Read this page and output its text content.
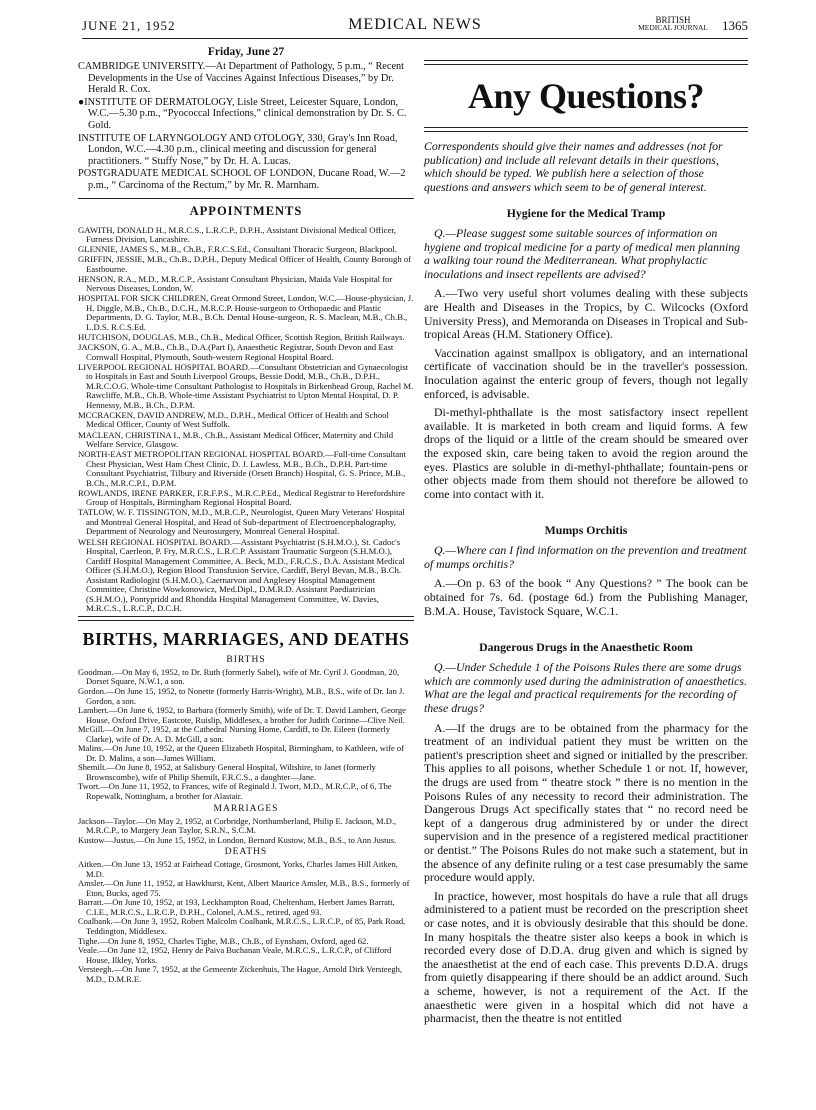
JUNE 21, 1952	MEDICAL NEWS	BRITISH
MEDICAL JOURNAL 1365
Friday, June 27

CAMBRIDGE UNIVERSITY.—At Department of Pathology, 5 p.m., “ Recent Developments in the Use of Vaccines Against Infectious Diseases,” by Dr. Herald R. Cox.

●INSTITUTE OF DERMATOLOGY, Lisle Street, Leicester Square, London, W.C.—5.30 p.m., “Pyococcal Infections,” clinical demonstration by Dr. S. C. Gold.

INSTITUTE OF LARYNGOLOGY AND OTOLOGY, 330, Gray's Inn Road, London, W.C.—4.30 p.m., clinical meeting and discussion for general practitioners. “ Stuffy Nose,” by Dr. H. A. Lucas.

POSTGRADUATE MEDICAL SCHOOL OF LONDON, Ducane Road, W.—2 p.m., “ Carcinoma of the Rectum,” by Mr. R. Marnham.

APPOINTMENTS

GAWITH, DONALD H., M.R.C.S., L.R.C.P., D.P.H., Assistant Divisional Medical Officer, Furness Division, Lancashire.

GLENNIE, JAMES S., M.B., Ch.B., F.R.C.S.Ed., Consultant Thoracic Surgeon, Blackpool.

GRIFFIN, JESSIE, M.B., Ch.B., D.P.H., Deputy Medical Officer of Health, County Borough of Eastbourne.

HENSON, R.A., M.D., M.R.C.P., Assistant Consultant Physician, Maida Vale Hospital for Nervous Diseases, London, W.

HOSPITAL FOR SICK CHILDREN, Great Ormond Street, London, W.C.—House-physician, J. H. Diggle, M.B., Ch.B., D.C.H., M.R.C.P. House-surgeon to Orthopaedic and Plastic Departments, D. G. Taylor, M.B., B.Ch. Dental House-surgeon, R. S. Maclean, M.B., Ch.B., L.D.S. R.C.S.Ed.

HUTCHISON, DOUGLAS, M.B., Ch.B., Medical Officer, Scottish Region, British Railways.

JACKSON, G. A., M.B., Ch.B., D.A.(Part I), Anaesthetic Registrar, South Devon and East Cornwall Hospital, Plymouth, South-western Regional Hospital Board.

LIVERPOOL REGIONAL HOSPITAL BOARD.—Consultant Obstetrician and Gynaecologist to Hospitals in East and South Liverpool Groups, Bessie Dodd, M.B., Ch.B., D.P.H., M.R.C.O.G. Whole-time Consultant Pathologist to Hospitals in Birkenhead Group, Rachel M. Rawcliffe, M.B., Ch.B. Whole-time Assistant Psychiatrist to Upton Mental Hospital, D. P. Hennessy, M.B., B.Ch., D.P.M.

MCCRACKEN, DAVID ANDREW, M.D., D.P.H., Medical Officer of Health and School Medical Officer, County of West Suffolk.

MACLEAN, CHRISTINA I., M.B., Ch.B., Assistant Medical Officer, Maternity and Child Welfare Service, Glasgow.

NORTH-EAST METROPOLITAN REGIONAL HOSPITAL BOARD.—Full-time Consultant Chest Physician, West Ham Chest Clinic, D. J. Lawless, M.B., B.Ch., D.P.H. Part-time Consultant Psychiatrist, Tilbury and Riverside (Orsett Branch) Hospital, G. S. Prince, M.B., B.Ch., M.R.C.P.I., D.P.M.

ROWLANDS, IRENE PARKER, F.R.F.P.S., M.R.C.P.Ed., Medical Registrar to Herefordshire Group of Hospitals, Birmingham Regional Hospital Board.

TATLOW, W. F. TISSINGTON, M.D., M.R.C.P., Neurologist, Queen Mary Veterans' Hospital and Montreal General Hospital, and Head of Sub-department of Electroencephalography, Department of Neurology and Neurosurgery, Montreal General Hospital.

WELSH REGIONAL HOSPITAL BOARD.—Assistant Psychiatrist (S.H.M.O.), St. Cadoc's Hospital, Caerleon, P. Fry, M.R.C.S., L.R.C.P. Assistant Traumatic Surgeon (S.H.M.O.), Cardiff Hospital Management Committee, A. Beck, M.D., F.R.C.S., D.A. Assistant Medical Officer (S.H.M.O.), Region Blood Transfusion Service, Cardiff, Beryl Bevan, M.B., B.Ch. Assistant Radiologist (S.H.M.O.), Caernarvon and Anglesey Hospital Management Committee, Christine Wowkonowicz, Med.Dipl., D.M.R.D. Assistant Paediatrician (S.H.M.O.), Pontypridd and Rhondda Hospital Management Committee, W. Davies, M.R.C.S., L.R.C.P., D.C.H.

BIRTHS, MARRIAGES, AND DEATHS
BIRTHS

Goodman.—On May 6, 1952, to Dr. Ruth (formerly Sabel), wife of Mr. Cyril J. Goodman, 20, Dorset Square, N.W.1, a son.

Gordon.—On June 15, 1952, to Nonette (formerly Harris-Wright), M.B., B.S., wife of Dr. Ian J. Gordon, a son.

Lambert.—On June 6, 1952, to Barbara (formerly Smith), wife of Dr. T. David Lambert, George House, Oxford Drive, Eastcote, Ruislip, Middlesex, a brother for Judith Corinne—Clive Neil.

McGill.—On June 7, 1952, at the Cathedral Nursing Home, Cardiff, to Dr. Eileen (formerly Clarke), wife of Dr. A. D. McGill, a son.

Malins.—On June 10, 1952, at the Queen Elizabeth Hospital, Birmingham, to Kathleen, wife of Dr. D. Malins, a son—James William.

Shemilt.—On June 8, 1952, at Salisbury General Hospital, Wiltshire, to Janet (formerly Brownscombe), wife of Philip Shemilt, F.R.C.S., a daughter—Jane.

Twort.—On June 11, 1952, to Frances, wife of Reginald J. Twort, M.D., M.R.C.P., of 6, The Ropewalk, Nottingham, a brother for Alastair.

MARRIAGES

Jackson—Taylor.—On May 2, 1952, at Corbridge, Northumberland, Philip E. Jackson, M.D., M.R.C.P., to Margery Jean Taylor, S.R.N., S.C.M.

Kustow—Justus.—On June 15, 1952, in London, Bernard Kustow, M.B., B.S., to Ann Justus.

DEATHS

Aitken.—On June 13, 1952 at Fairhead Cottage, Grosmont, Yorks, Charles James Hill Aitken, M.D.

Amsler.—On June 11, 1952, at Hawkhurst, Kent, Albert Maurice Amsler, M.B., B.S., formerly of Eton, Bucks, aged 75.

Barratt.—On June 10, 1952, at 193, Leckhampton Road, Cheltenham, Herbert James Barratt, C.I.E., M.R.C.S., L.R.C.P., D.P.H., Colonel, A.M.S., retired, aged 93.

Coalbank.—On June 3, 1952, Robert Malcolm Coalbank, M.R.C.S., L.R.C.P., of 85, Park Road, Teddington, Middlesex.

Tighe.—On June 8, 1952, Charles Tighe, M.B., Ch.B., of Eynsham, Oxford, aged 62.

Veale.—On June 12, 1952, Henry de Paiva Buchanan Veale, M.R.C.S., L.R.C.P., of Clifford House, Ilkley, Yorks.

Versteegh.—On June 7, 1952, at the Gemeente Zickenhuis, The Hague, Arnold Dirk Versteegh, M.D., D.M.R.E.

Any Questions?

Correspondents should give their names and addresses (not for publication) and include all relevant details in their questions, which should be typed. We publish here a selection of those questions and answers which seem to be of general interest.

Hygiene for the Medical Tramp

Q.—Please suggest some suitable sources of information on hygiene and tropical medicine for a party of medical men planning a walking tour round the Mediterranean. What prophylactic inoculations and insect repellents are advised?

A.—Two very useful short volumes dealing with these subjects are Health and Diseases in the Tropics, by C. Wilcocks (Oxford University Press), and Memoranda on Diseases in Tropical and Sub-tropical Areas (H.M. Stationery Office).

Vaccination against smallpox is obligatory, and an international certificate of vaccination should be in the traveller's possession. Inoculation against the enteric group of fevers, though not legally enforced, is advisable.

Di-methyl-phthallate is the most satisfactory insect repellent available. It is marketed in both cream and liquid forms. A few drops of the liquid or a little of the cream should be smeared over the exposed skin, care being taken to avoid the region around the eyes. Plastics are soluble in di-methyl-phthallate; fountain-pens or other objects made from them should not therefore be allowed to come into contact with it.

Mumps Orchitis

Q.—Where can I find information on the prevention and treatment of mumps orchitis?

A.—On p. 63 of the book “ Any Questions? ” The book can be obtained for 7s. 6d. (postage 6d.) from the Publishing Manager, B.M.A. House, Tavistock Square, W.C.1.

Dangerous Drugs in the Anaesthetic Room

Q.—Under Schedule 1 of the Poisons Rules there are some drugs which are commonly used during the administration of anaesthetics. What are the legal and practical requirements for the recording of these drugs?

A.—If the drugs are to be obtained from the pharmacy for the treatment of an individual patient they must be written on the patient's prescription sheet and signed or initialled by the prescriber. This applies to all poisons, whether Schedule 1 or not. If, however, the drugs are used from “ theatre stock ” there is no mention in the Poisons Rules of any necessity to record their administration. The Dangerous Drugs Act specifically states that “ no record need be kept of a dangerous drug administered by or under the direct supervision and in the presence of a registered medical practitioner or dentist.” The Poisons Rules do not make such a statement, but in the absence of any definite ruling or a test case presumably the same procedure would apply.

In practice, however, most hospitals do have a rule that all drugs administered to a patient must be recorded on the prescription sheet or case notes, and it is obviously desirable that this should be done. In many hospitals the theatre sister also keeps a book in which is recorded every dose of D.D.A. drug given and which is signed by the anaesthetist at the end of each case. This prevents D.D.A. drugs from quietly disappearing if there should be an addict around. Such a scheme, however, is not a requirement of the Act. If the anaesthetic were given in a hospital which did not have a pharmacist, then the theatre is not entitled
